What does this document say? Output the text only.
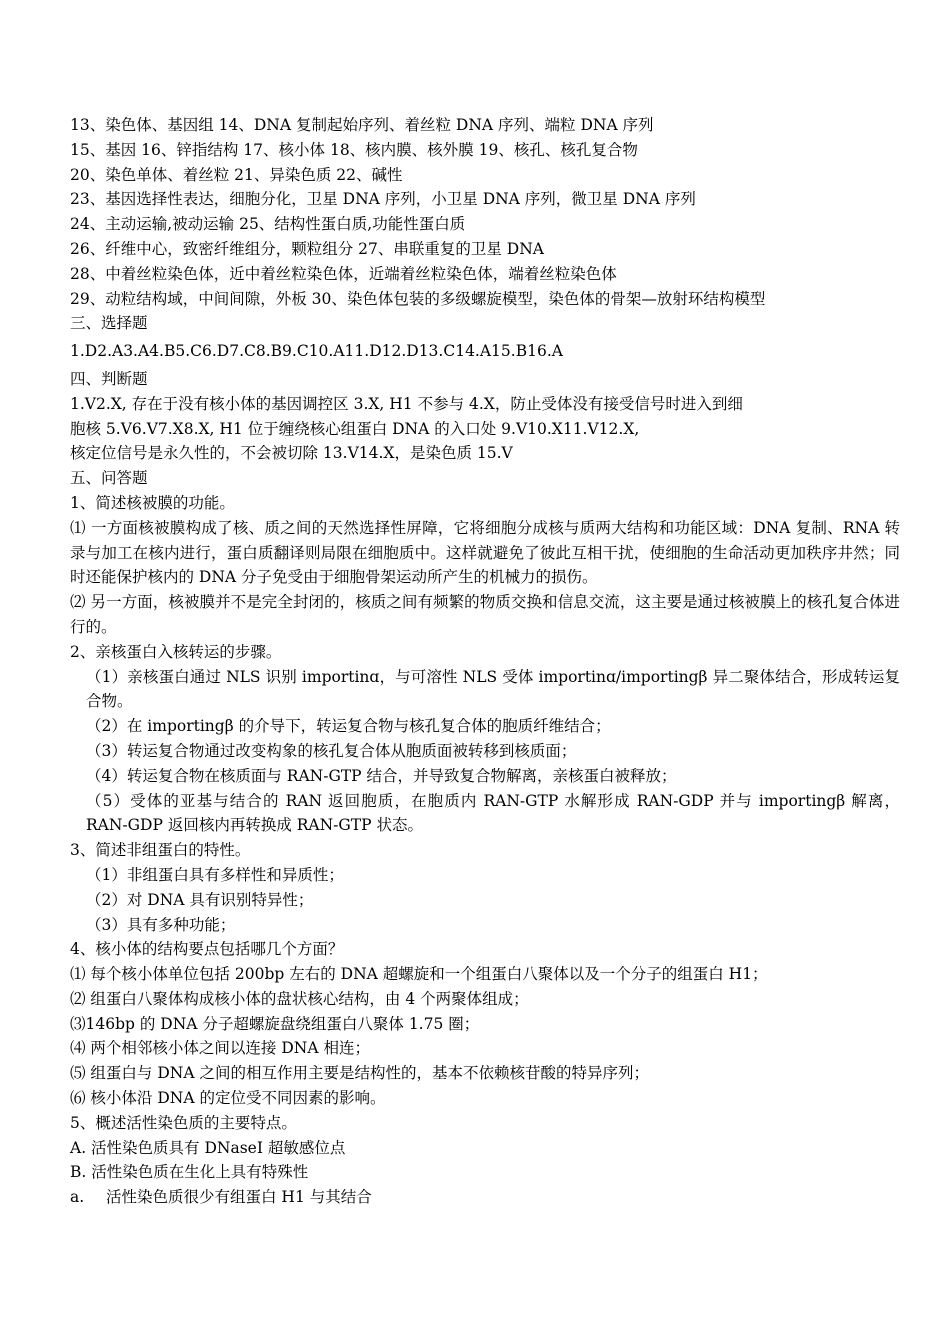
13、染色体、基因组 14、DNA 复制起始序列、着丝粒 DNA 序列、端粒 DNA 序列
15、基因 16、锌指结构 17、核小体 18、核内膜、核外膜 19、核孔、核孔复合物
20、染色单体、着丝粒 21、异染色质 22、碱性
23、基因选择性表达，细胞分化，卫星 DNA 序列，小卫星 DNA 序列，微卫星 DNA 序列
24、主动运输,被动运输 25、结构性蛋白质,功能性蛋白质
26、纤维中心，致密纤维组分，颗粒组分 27、串联重复的卫星 DNA
28、中着丝粒染色体，近中着丝粒染色体，近端着丝粒染色体，端着丝粒染色体
29、动粒结构域，中间间隙，外板 30、染色体包装的多级螺旋模型，染色体的骨架—放射环结构模型
三、选择题
1.D2.A3.A4.B5.C6.D7.C8.B9.C10.A11.D12.D13.C14.A15.B16.A
四、判断题
1.V2.X, 存在于没有核小体的基因调控区 3.X, H1 不参与 4.X，防止受体没有接受信号时进入到细
胞核 5.V6.V7.X8.X, H1 位于缠绕核心组蛋白 DNA 的入口处 9.V10.X11.V12.X,
核定位信号是永久性的，不会被切除 13.V14.X，是染色质 15.V
五、问答题
1、简述核被膜的功能。
⑴ 一方面核被膜构成了核、质之间的天然选择性屏障，它将细胞分成核与质两大结构和功能区域：DNA 复制、RNA 转录与加工在核内进行，蛋白质翻译则局限在细胞质中。这样就避免了彼此互相干扰，使细胞的生命活动更加秩序井然；同时还能保护核内的 DNA 分子免受由于细胞骨架运动所产生的机械力的损伤。
⑵ 另一方面，核被膜并不是完全封闭的，核质之间有频繁的物质交换和信息交流，这主要是通过核被膜上的核孔复合体进行的。
2、亲核蛋白入核转运的步骤。
（1）亲核蛋白通过 NLS 识别 importinɑ，与可溶性 NLS 受体 importinɑ/importingβ 异二聚体结合，形成转运复合物。
（2）在 importingβ 的介导下，转运复合物与核孔复合体的胞质纤维结合；
（3）转运复合物通过改变构象的核孔复合体从胞质面被转移到核质面；
（4）转运复合物在核质面与 RAN-GTP 结合，并导致复合物解离，亲核蛋白被释放；
（5）受体的亚基与结合的 RAN 返回胞质，在胞质内 RAN-GTP 水解形成 RAN-GDP 并与 importingβ 解离，RAN-GDP 返回核内再转换成 RAN-GTP 状态。
3、简述非组蛋白的特性。
（1）非组蛋白具有多样性和异质性；
（2）对 DNA 具有识别特异性；
（3）具有多种功能；
4、核小体的结构要点包括哪几个方面？
⑴ 每个核小体单位包括 200bp 左右的 DNA 超螺旋和一个组蛋白八聚体以及一个分子的组蛋白 H1；
⑵ 组蛋白八聚体构成核小体的盘状核心结构，由 4 个两聚体组成；
⑶146bp 的 DNA 分子超螺旋盘绕组蛋白八聚体 1.75 圈；
⑷ 两个相邻核小体之间以连接 DNA 相连；
⑸ 组蛋白与 DNA 之间的相互作用主要是结构性的，基本不依赖核苷酸的特异序列；
⑹ 核小体沿 DNA 的定位受不同因素的影响。
5、概述活性染色质的主要特点。
A. 活性染色质具有 DNaseI 超敏感位点
B. 活性染色质在生化上具有特殊性
a. 活性染色质很少有组蛋白 H1 与其结合
